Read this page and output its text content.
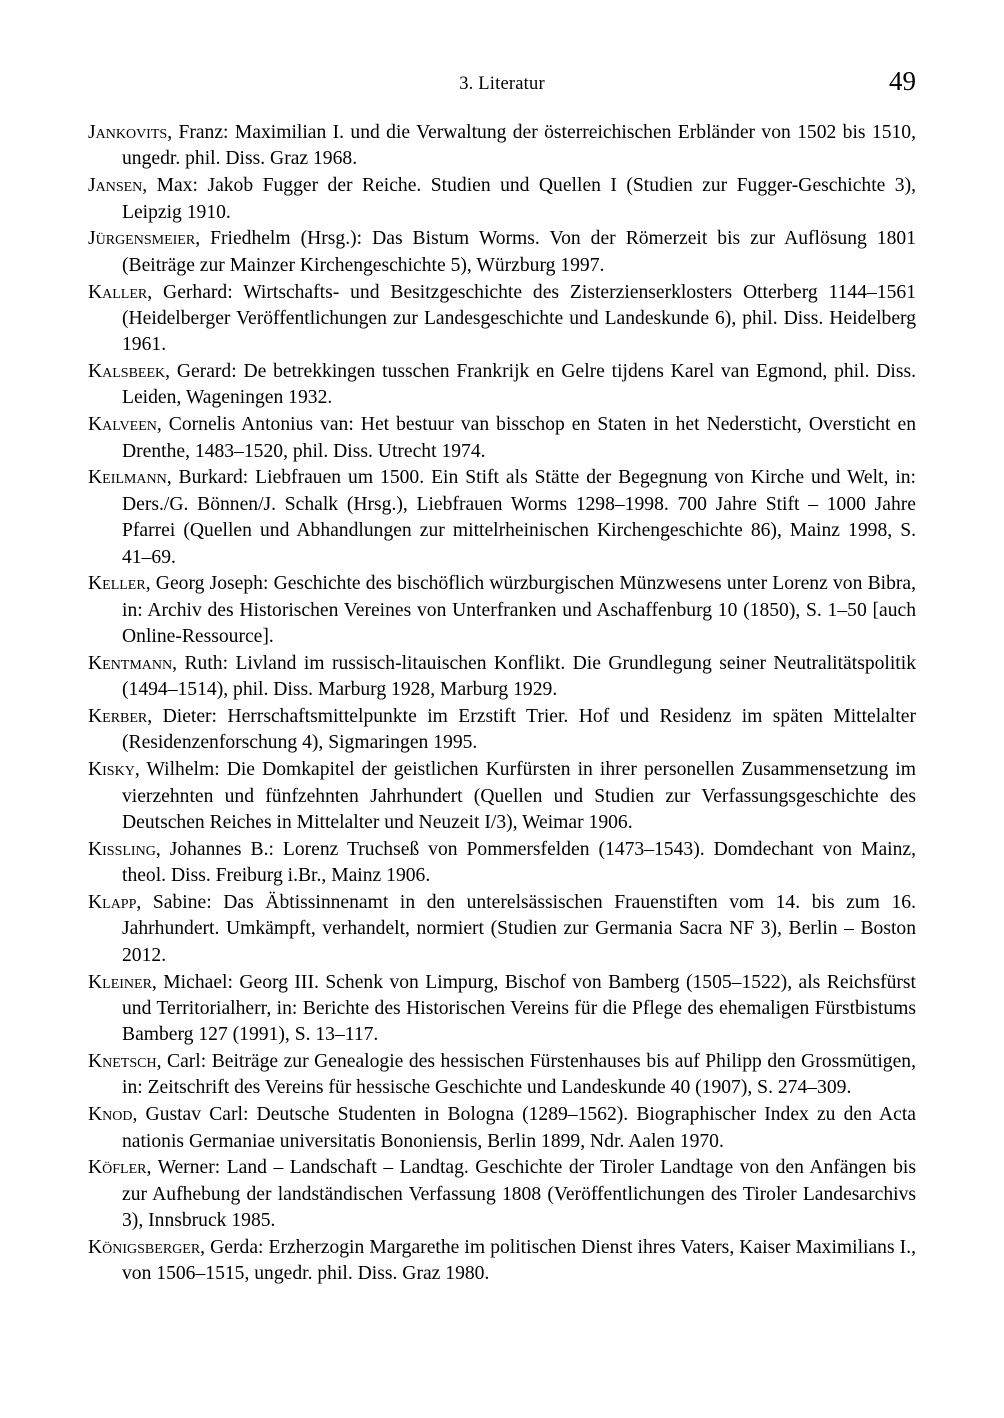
3. Literatur	49

Jankovits, Franz: Maximilian I. und die Verwaltung der österreichischen Erbländer von 1502 bis 1510, ungedr. phil. Diss. Graz 1968.

Jansen, Max: Jakob Fugger der Reiche. Studien und Quellen I (Studien zur Fugger-Geschichte 3), Leipzig 1910.

Jürgensmeier, Friedhelm (Hrsg.): Das Bistum Worms. Von der Römerzeit bis zur Auflösung 1801 (Beiträge zur Mainzer Kirchengeschichte 5), Würzburg 1997.

Kaller, Gerhard: Wirtschafts- und Besitzgeschichte des Zisterzienserklosters Otterberg 1144–1561 (Heidelberger Veröffentlichungen zur Landesgeschichte und Landeskunde 6), phil. Diss. Heidelberg 1961.

Kalsbeek, Gerard: De betrekkingen tusschen Frankrijk en Gelre tijdens Karel van Egmond, phil. Diss. Leiden, Wageningen 1932.

Kalveen, Cornelis Antonius van: Het bestuur van bisschop en Staten in het Nedersticht, Oversticht en Drenthe, 1483–1520, phil. Diss. Utrecht 1974.

Keilmann, Burkard: Liebfrauen um 1500. Ein Stift als Stätte der Begegnung von Kirche und Welt, in: Ders./G. Bönnen/J. Schalk (Hrsg.), Liebfrauen Worms 1298–1998. 700 Jahre Stift – 1000 Jahre Pfarrei (Quellen und Abhandlungen zur mittelrheinischen Kirchengeschichte 86), Mainz 1998, S. 41–69.

Keller, Georg Joseph: Geschichte des bischöflich würzburgischen Münzwesens unter Lorenz von Bibra, in: Archiv des Historischen Vereines von Unterfranken und Aschaffenburg 10 (1850), S. 1–50 [auch Online-Ressource].

Kentmann, Ruth: Livland im russisch-litauischen Konflikt. Die Grundlegung seiner Neutralitätspolitik (1494–1514), phil. Diss. Marburg 1928, Marburg 1929.

Kerber, Dieter: Herrschaftsmittelpunkte im Erzstift Trier. Hof und Residenz im späten Mittelalter (Residenzenforschung 4), Sigmaringen 1995.

Kisky, Wilhelm: Die Domkapitel der geistlichen Kurfürsten in ihrer personellen Zusammensetzung im vierzehnten und fünfzehnten Jahrhundert (Quellen und Studien zur Verfassungsgeschichte des Deutschen Reiches in Mittelalter und Neuzeit I/3), Weimar 1906.

Kissling, Johannes B.: Lorenz Truchseß von Pommersfelden (1473–1543). Domdechant von Mainz, theol. Diss. Freiburg i.Br., Mainz 1906.

Klapp, Sabine: Das Äbtissinnenamt in den unterelsässischen Frauenstiften vom 14. bis zum 16. Jahrhundert. Umkämpft, verhandelt, normiert (Studien zur Germania Sacra NF 3), Berlin – Boston 2012.

Kleiner, Michael: Georg III. Schenk von Limpurg, Bischof von Bamberg (1505–1522), als Reichsfürst und Territorialherr, in: Berichte des Historischen Vereins für die Pflege des ehemaligen Fürstbistums Bamberg 127 (1991), S. 13–117.

Knetsch, Carl: Beiträge zur Genealogie des hessischen Fürstenhauses bis auf Philipp den Grossmütigen, in: Zeitschrift des Vereins für hessische Geschichte und Landeskunde 40 (1907), S. 274–309.

Knod, Gustav Carl: Deutsche Studenten in Bologna (1289–1562). Biographischer Index zu den Acta nationis Germaniae universitatis Bononiensis, Berlin 1899, Ndr. Aalen 1970.

Köfler, Werner: Land – Landschaft – Landtag. Geschichte der Tiroler Landtage von den Anfängen bis zur Aufhebung der landständischen Verfassung 1808 (Veröffentlichungen des Tiroler Landesarchivs 3), Innsbruck 1985.

Königsberger, Gerda: Erzherzogin Margarethe im politischen Dienst ihres Vaters, Kaiser Maximilians I., von 1506–1515, ungedr. phil. Diss. Graz 1980.
